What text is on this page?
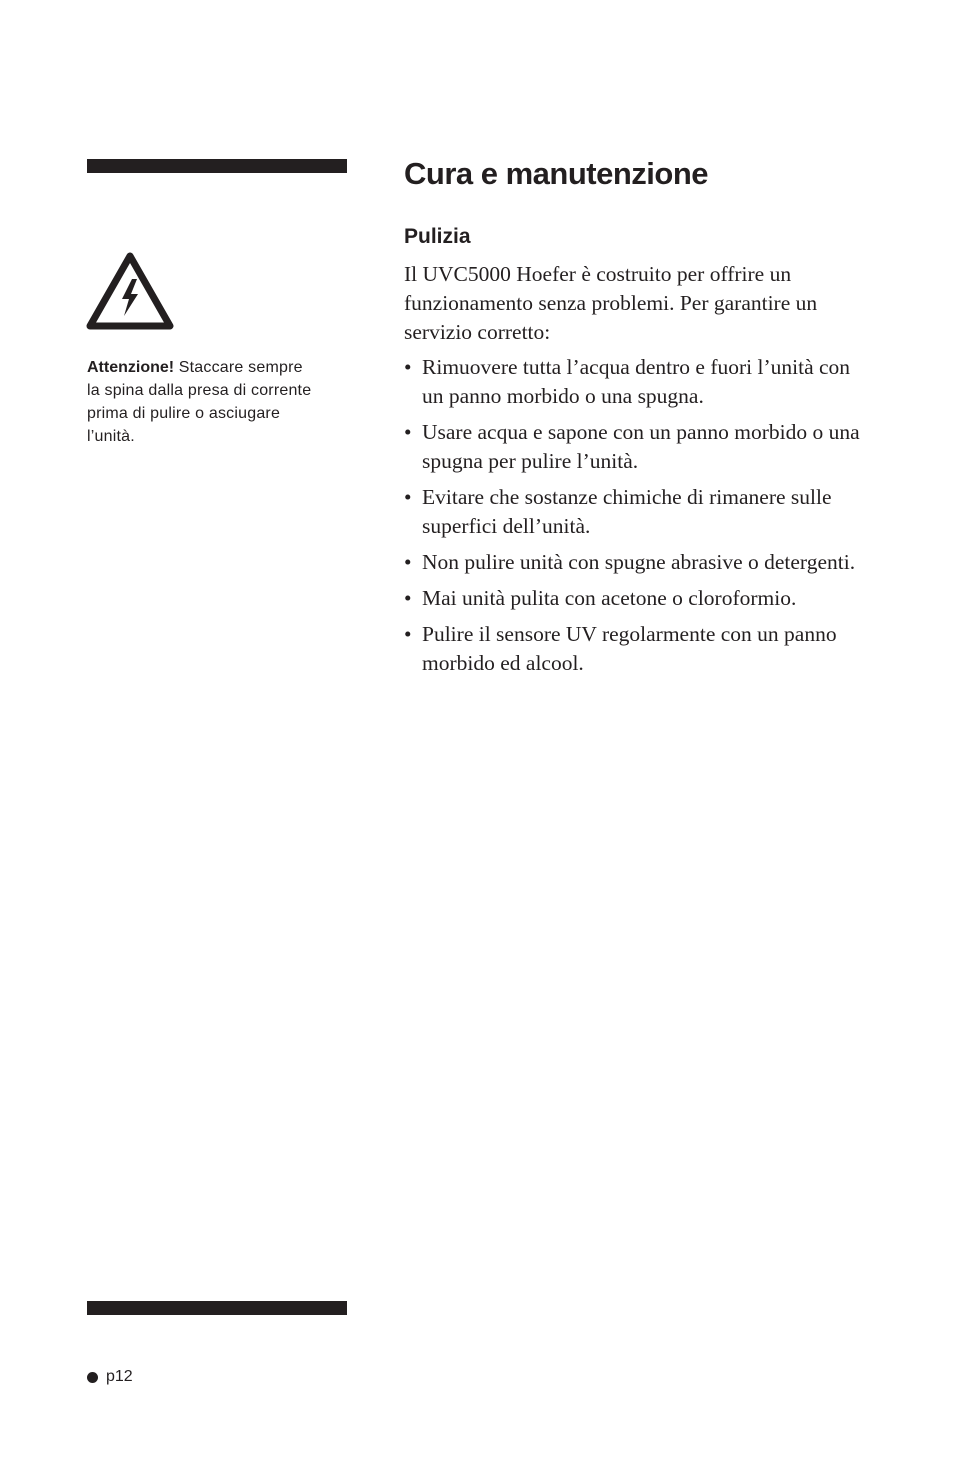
Attenzione! Staccare sempre
la spina dalla presa di corrente
prima di pulire o asciugare
l’unità.
Cura e manutenzione
Pulizia

Il UVC5000 Hoefer è costruito per offrire un funzionamento senza problemi. Per garantire un servizio corretto:

• Rimuovere tutta l’acqua dentro e fuori l’unità con un panno morbido o una spugna.
• Usare acqua e sapone con un panno morbido o una spugna per pulire l’unità.
• Evitare che sostanze chimiche di rimanere sulle superfici dell’unità.
• Non pulire unità con spugne abrasive o detergenti.
• Mai unità pulita con acetone o cloroformio.
• Pulire il sensore UV regolarmente con un panno morbido ed alcool.
p12
